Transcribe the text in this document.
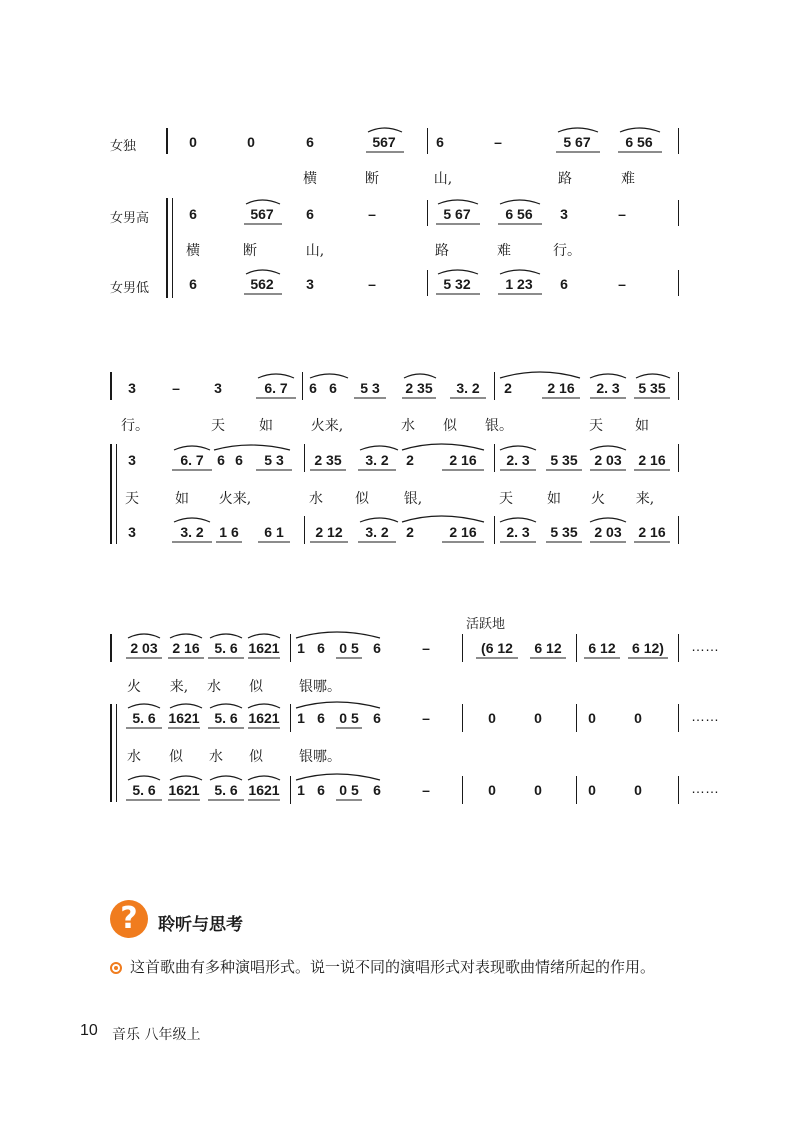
女独
女男高
女男低
0	0	6	567	6	–	5 67	6 56
横	断	山,	路	难
6	567	6	–	5 67	6 56	3	–
横	断	山,	路	难	行。
6	562	3	–	5 32	1 23	6	–
3	–	3	6. 7	6 6	5 3	2 35	3. 2	2	2 16	2. 3	5 35
行。	天 如	火来,	水 似 银。	天 如
3	6. 7 6 6	5 3	2 35	3. 2	2	2 16	2. 3	5 35	2 03	2 16
天	如	火来,	水 似	银,	天 如 火	来,
3	3. 2	1 6	6 1	2 12	3. 2	2	2 16	2. 3	5 35	2 03	2 16
活跃地
2 03	2 16	5. 6 1621 1 6	0 5	6	–	(6 12	6 12	6 12	6 12)	……
火	来,	水 似	银哪。
5. 6 1621	5. 6 1621 1 6	0 5	6	–	0	0	0	0	……
水 似 水 似	银哪。
5. 6 1621	5. 6 1621 1 6	0 5	6	–	0	0	0	0	……
?	聆听与思考
这首歌曲有多种演唱形式。说一说不同的演唱形式对表现歌曲情绪所起的作用。
10 音乐 八年级上
